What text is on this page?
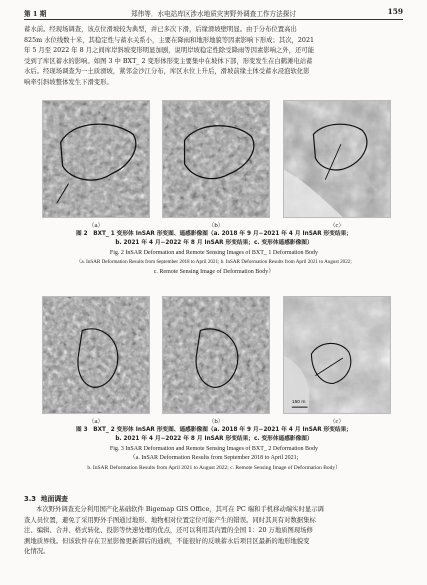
第 1 期	郑伟等．水电站库区涉水地质灾害野外调查工作方法探讨	159
蓄水前。经现场调查，该点位滑坡较为典型，并已多次下滑，后缘滑坡壁明显。由于分布位置高出
825m 水位线数十米，其稳定性与蓄水关系小，主要在降雨和地形地貌等因素影响下形成；其次，2021
年 5 月至 2022 年 8 月之间库岸斜坡变形明显加剧，说明岸坡稳定性除受降雨等因素影响之外，还可能
受到了库区蓄水的影响。如图 3 中 BXT_ 2 变形体形变主要集中在坡体下部，形变发生在白鹤滩电站蓄
水后。经现场调查为一土质滑坡，紧邻金沙江分布，库区水位上升后，滑坡前缘土体受蓄水浸泡软化影
响牵引斜坡整体发生下滑变形。
（a）	（b）	（c）
图 2　BXT_ 1 变形体 InSAR 形变图、遥感影像图（a. 2018 年 9 月−2021 年 4 月 InSAR 形变结果；
b. 2021 年 4 月−2022 年 8 月 InSAR 形变结果；c. 变形体遥感影像图）
Fig. 2 InSAR Deformation and Remote Sensing Images of BXT_ 1 Deformation Body
（a. InSAR Deformation Results from September 2018 to April 2021; b. InSAR Deformation Results from April 2021 to August 2022;
c. Remote Sensing Image of Deformation Body）
150 m
（a）	（b）	（c）
图 3　BXT_ 2 变形体 InSAR 形变图、遥感影像图（a. 2018 年 9 月−2021 年 4 月 InSAR 形变结果；
b. 2021 年 4 月−2022 年 8 月 InSAR 形变结果；c. 变形体遥感影像图）
Fig. 3 InSAR Deformation and Remote Sensing Images of BXT_ 2 Deformation Body
（a. InSAR Deformation Results from September 2018 to April 2021;
b. InSAR Deformation Results from April 2021 to August 2022; c. Remote Sensing Image of Deformation Body）
3.3 地面调查
本次野外调查充分利用国产化基础软件 Bigemap GIS Office，其可在 PC 端和手机移动端实时显示调
查人员位置，避免了采用野外手图通过地形、地物相对位置定位可能产生的错误。同时其具有对数据集标
注、编辑、合并、格式转化、投影等快速处理的优点，还可以利用其内置的全国 1：20 万地质图现场修
测地质界线。但该软件存在卫星影像更新滞后的通病，不能很好的反映蓄水后项目区最新的地形地貌变
化情况。
